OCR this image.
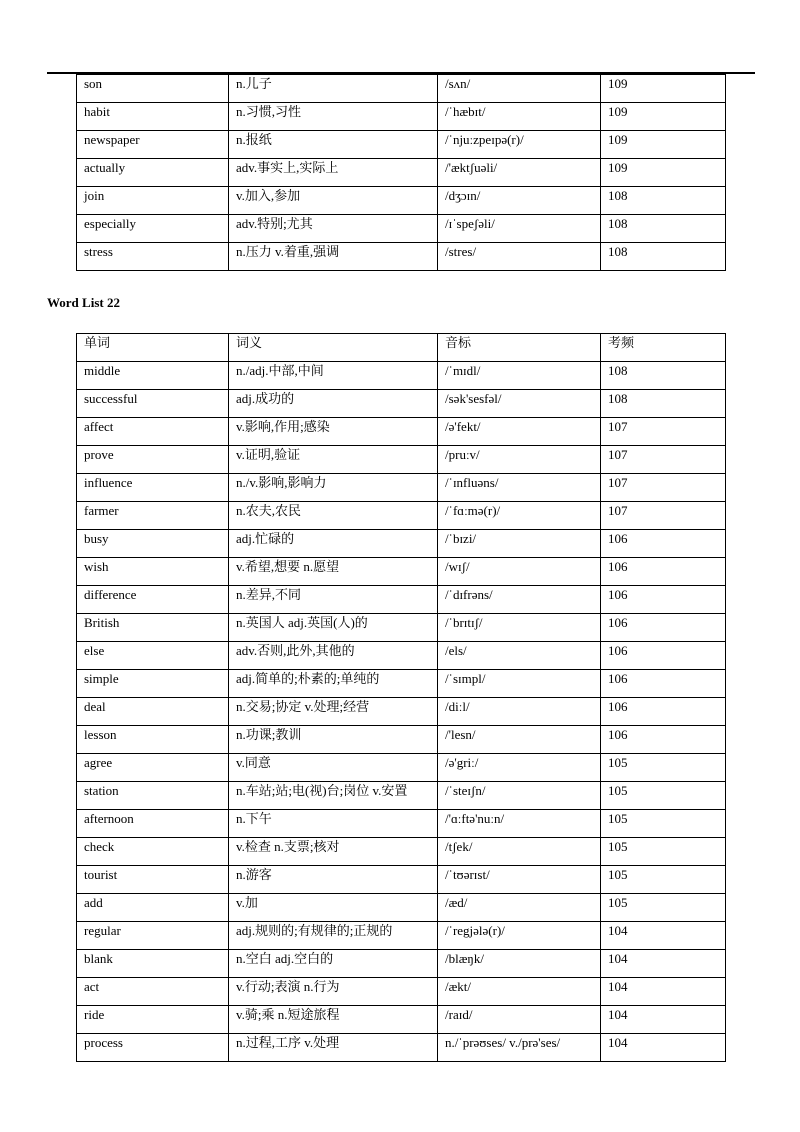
son	n.儿子	/sʌn/	109
habit	n.习惯,习性	/ˈhæbɪt/	109
newspaper	n.报纸	/ˈnjuːzpeɪpə(r)/	109
actually	adv.事实上,实际上	/'æktʃuəli/	109
join	v.加入,参加	/dʒɔɪn/	108
especially	adv.特别;尤其	/ɪˈspeʃəli/	108
stress	n.压力 v.着重,强调	/stres/	108
Word List 22
单词	词义	音标	考频
middle	n./adj.中部,中间	/ˈmɪdl/	108
successful	adj.成功的	/sək'sesfəl/	108
affect	v.影响,作用;感染	/ə'fekt/	107
prove	v.证明,验证	/pruːv/	107
influence	n./v.影响,影响力	/ˈɪnfluəns/	107
farmer	n.农夫,农民	/ˈfɑːmə(r)/	107
busy	adj.忙碌的	/ˈbɪzi/	106
wish	v.希望,想要 n.愿望	/wɪʃ/	106
difference	n.差异,不同	/ˈdɪfrəns/	106
British	n.英国人 adj.英国(人)的	/ˈbrɪtɪʃ/	106
else	adv.否则,此外,其他的	/els/	106
simple	adj.简单的;朴素的;单纯的	/ˈsɪmpl/	106
deal	n.交易;协定 v.处理;经营	/diːl/	106
lesson	n.功课;教训	/'lesn/	106
agree	v.同意	/ə'griː/	105
station	n.车站;站;电(视)台;岗位 v.安置	/ˈsteɪʃn/	105
afternoon	n.下午	/'ɑːftə'nuːn/	105
check	v.检查 n.支票;核对	/tʃek/	105
tourist	n.游客	/ˈtʊərɪst/	105
add	v.加	/æd/	105
regular	adj.规则的;有规律的;正规的	/ˈregjələ(r)/	104
blank	n.空白 adj.空白的	/blæŋk/	104
act	v.行动;表演 n.行为	/ækt/	104
ride	v.骑;乘 n.短途旅程	/raɪd/	104
process	n.过程,工序 v.处理	n./ˈprəʊses/ v./prə'ses/	104
